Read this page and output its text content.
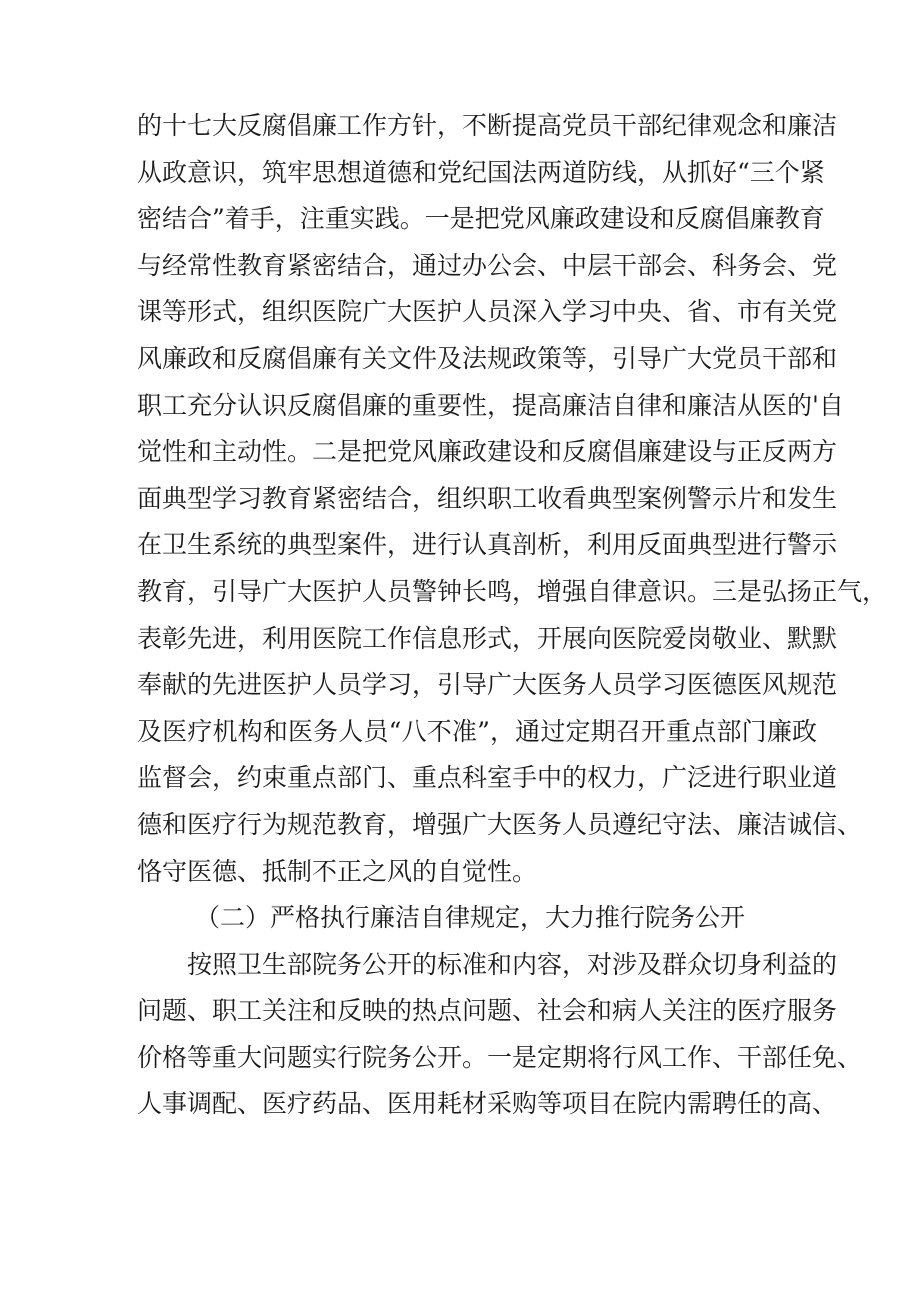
的十七大反腐倡廉工作方针，不断提高党员干部纪律观念和廉洁
从政意识，筑牢思想道德和党纪国法两道防线，从抓好“三个紧
密结合”着手，注重实践。一是把党风廉政建设和反腐倡廉教育
与经常性教育紧密结合，通过办公会、中层干部会、科务会、党
课等形式，组织医院广大医护人员深入学习中央、省、市有关党
风廉政和反腐倡廉有关文件及法规政策等，引导广大党员干部和
职工充分认识反腐倡廉的重要性，提高廉洁自律和廉洁从医的'自
觉性和主动性。二是把党风廉政建设和反腐倡廉建设与正反两方
面典型学习教育紧密结合，组织职工收看典型案例警示片和发生
在卫生系统的典型案件，进行认真剖析，利用反面典型进行警示
教育，引导广大医护人员警钟长鸣，增强自律意识。三是弘扬正气，
表彰先进，利用医院工作信息形式，开展向医院爱岗敬业、默默
奉献的先进医护人员学习，引导广大医务人员学习医德医风规范
及医疗机构和医务人员“八不准”，通过定期召开重点部门廉政
监督会，约束重点部门、重点科室手中的权力，广泛进行职业道
德和医疗行为规范教育，增强广大医务人员遵纪守法、廉洁诚信、
恪守医德、抵制不正之风的自觉性。
（二）严格执行廉洁自律规定，大力推行院务公开
按照卫生部院务公开的标准和内容，对涉及群众切身利益的
问题、职工关注和反映的热点问题、社会和病人关注的医疗服务
价格等重大问题实行院务公开。一是定期将行风工作、干部任免、
人事调配、医疗药品、医用耗材采购等项目在院内需聘任的高、
